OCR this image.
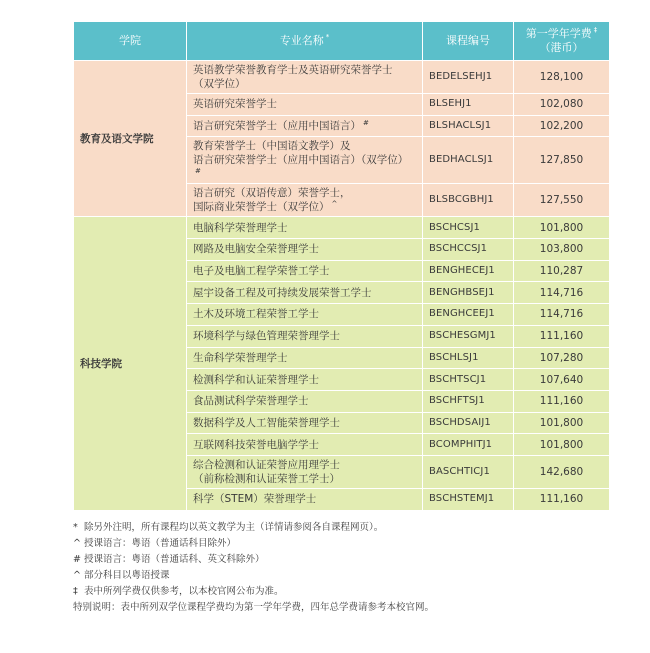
学院	专业名称 *	课程编号	第一学年学费 ‡
（港币）
教育及语文学院	英语教学荣誉教育学士及英语研究荣誉学士
（双学位）	BEDELSEHJ1	128,100
	英语研究荣誉学士	BLSEHJ1	102,080
	语言研究荣誉学士（应用中国语言） #	BLSHACLSJ1	102,200
	教育荣誉学士（中国语文教学）及
语言研究荣誉学士（应用中国语言）（双学位）#	BEDHACLSJ1	127,850
	语言研究（双语传意）荣誉学士，
国际商业荣誉学士（双学位） ^	BLSBCGBHJ1	127,550
科技学院	电脑科学荣誉理学士	BSCHCSJ1	101,800
	网路及电脑安全荣誉理学士	BSCHCCSJ1	103,800
	电子及电脑工程学荣誉工学士	BENGHECEJ1	110,287
	屋宇设备工程及可持续发展荣誉工学士	BENGHBSEJ1	114,716
	土木及环境工程荣誉工学士	BENGHCEEJ1	114,716
	环境科学与绿色管理荣誉理学士	BSCHESGMJ1	111,160
	生命科学荣誉理学士	BSCHLSJ1	107,280
	检测科学和认证荣誉理学士	BSCHTSCJ1	107,640
	食品测试科学荣誉理学士	BSCHFTSJ1	111,160
	数据科学及人工智能荣誉理学士	BSCHDSAIJ1	101,800
	互联网科技荣誉电脑学学士	BCOMPHITJ1	101,800
	综合检测和认证荣誉应用理学士
（前称检测和认证荣誉工学士）	BASCHTICJ1	142,680
	科学（STEM）荣誉理学士	BSCHSTEMJ1	111,160
* 除另外注明，所有课程均以英文教学为主（详情请参阅各自课程网页）。
^ 授课语言：粤语（普通话科目除外）
# 授课语言：粤语（普通话科、英文科除外）
^ 部分科目以粤语授课
‡ 表中所列学费仅供参考，以本校官网公布为准。
特别说明：表中所列双学位课程学费均为第一学年学费，四年总学费请参考本校官网。
